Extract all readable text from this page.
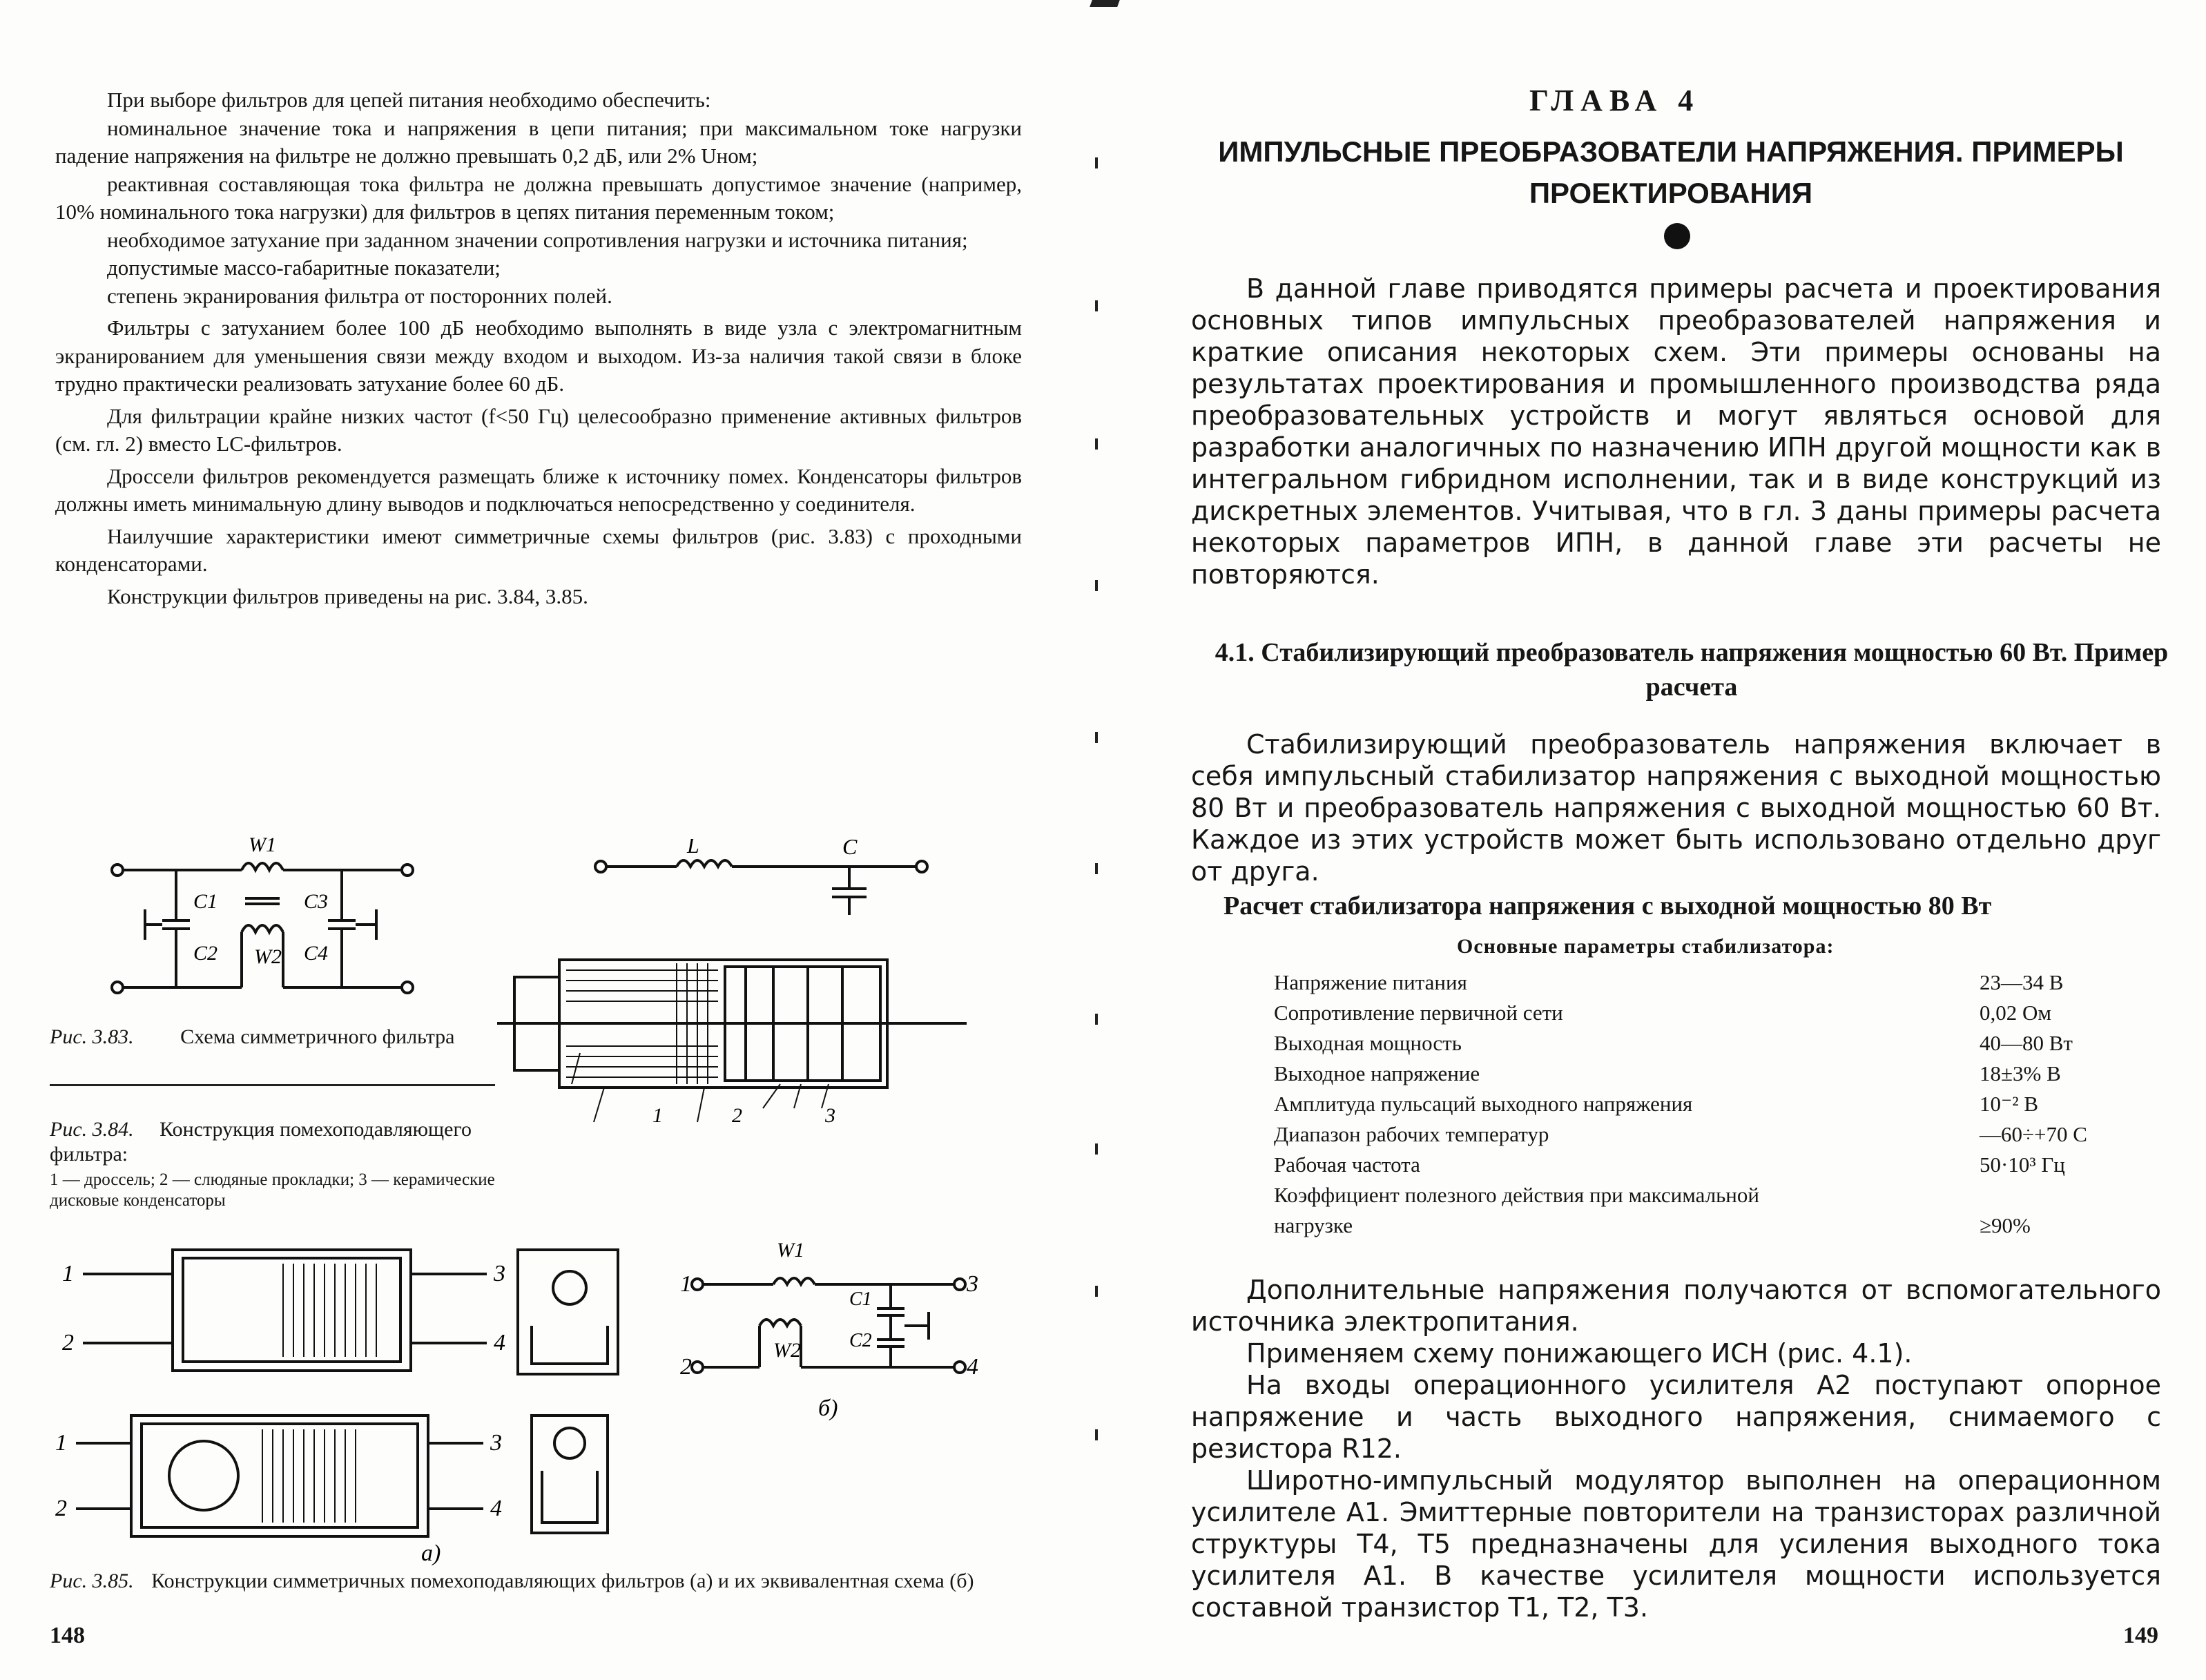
При выборе фильтров для цепей питания необходимо обеспечить:

номинальное значение тока и напряжения в цепи питания; при максимальном токе нагрузки падение напряжения на фильтре не должно превышать 0,2 дБ, или 2% Uном;

реактивная составляющая тока фильтра не должна превышать допустимое значение (например, 10% номинального тока нагрузки) для фильтров в цепях питания переменным током;

необходимое затухание при заданном значении сопротивления нагрузки и источника питания;

допустимые массо-габаритные показатели;

степень экранирования фильтра от посторонних полей.

Фильтры с затуханием более 100 дБ необходимо выполнять в виде узла с электромагнитным экранированием для уменьшения связи между входом и выходом. Из-за наличия такой связи в блоке трудно практически реализовать затухание более 60 дБ.

Для фильтрации крайне низких частот (f<50 Гц) целесообразно применение активных фильтров (см. гл. 2) вместо LC-фильтров.

Дроссели фильтров рекомендуется размещать ближе к источнику помех. Конденсаторы фильтров должны иметь минимальную длину выводов и подключаться непосредственно у соединителя.

Наилучшие характеристики имеют симметричные схемы фильтров (рис. 3.83) с проходными конденсаторами.

Конструкции фильтров приведены на рис. 3.84, 3.85.

W1
W2
C1
C2
C3
C4
Рис. 3.83. Схема симметричного фильтра
L	C
1	2	3
Рис. 3.84. Конструкция помехоподавляющего фильтра:
1 — дроссель; 2 — слюдяные прокладки; 3 — керамические дисковые конденсаторы
1
2
3
4
1
2
3
4
а)
1
2
3
4
W1
W2
C1
C2
б)
Рис. 3.85. Конструкции симметричных помехоподавляющих фильтров (а) и их эквивалентная схема (б)
148
ГЛАВА 4
ИМПУЛЬСНЫЕ ПРЕОБРАЗОВАТЕЛИ НАПРЯЖЕНИЯ. ПРИМЕРЫ ПРОЕКТИРОВАНИЯ

В данной главе приводятся примеры расчета и проектирования основных типов импульсных преобразователей напряжения и краткие описания некоторых схем. Эти примеры основаны на результатах проектирования и промышленного производства ряда преобразовательных устройств и могут являться основой для разработки аналогичных по назначению ИПН другой мощности как в интегральном гибридном исполнении, так и в виде конструкций из дискретных элементов. Учитывая, что в гл. 3 даны примеры расчета некоторых параметров ИПН, в данной главе эти расчеты не повторяются.

4.1. Стабилизирующий преобразователь напряжения мощностью 60 Вт. Пример расчета

Стабилизирующий преобразователь напряжения включает в себя импульсный стабилизатор напряжения с выходной мощностью 80 Вт и преобразователь напряжения с выходной мощностью 60 Вт. Каждое из этих устройств может быть использовано отдельно друг от друга.

Расчет стабилизатора напряжения с выходной мощностью 80 Вт
Основные параметры стабилизатора:
Напряжение питания	23—34 В
Сопротивление первичной сети	0,02 Ом
Выходная мощность	40—80 Вт
Выходное напряжение	18±3% В
Амплитуда пульсаций выходного напряжения	10⁻² В
Диапазон рабочих температур	—60÷+70 С
Рабочая частота	50·10³ Гц
Коэффициент полезного действия при максимальной
нагрузке	≥90%

Дополнительные напряжения получаются от вспомогательного источника электропитания.

Применяем схему понижающего ИСН (рис. 4.1).

На входы операционного усилителя A2 поступают опорное напряжение и часть выходного напряжения, снимаемого с резистора R12.

Широтно-импульсный модулятор выполнен на операционном усилителе A1. Эмиттерные повторители на транзисторах различной структуры T4, T5 предназначены для усиления выходного тока усилителя A1. В качестве усилителя мощности используется составной транзистор T1, T2, T3.

149
